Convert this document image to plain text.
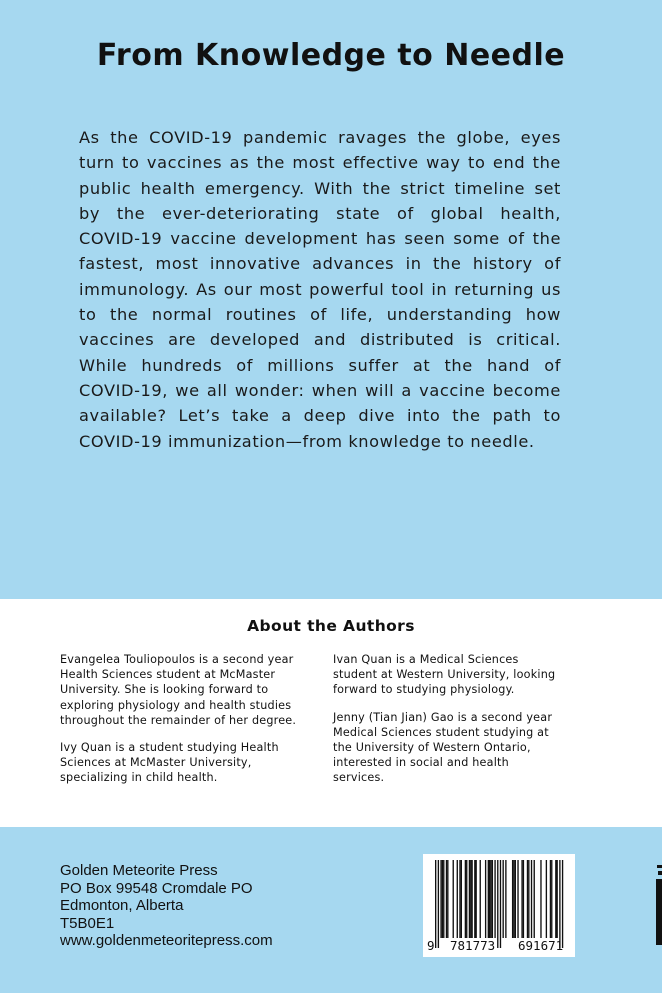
From Knowledge to Needle
As the COVID-19 pandemic ravages the globe, eyes turn to vaccines as the most effective way to end the public health emergency. With the strict timeline set by the ever-deteriorating state of global health, COVID-19 vaccine development has seen some of the fastest, most innovative advances in the history of immunology. As our most powerful tool in returning us to the normal routines of life, understanding how vaccines are developed and distributed is critical. While hundreds of millions suffer at the hand of COVID-19, we all wonder: when will a vaccine become available? Let’s take a deep dive into the path to COVID-19 immunization—from knowledge to needle.
About the Authors

Evangelea Touliopoulos is a second year Health Sciences student at McMaster University. She is looking forward to exploring physiology and health studies throughout the remainder of her degree.

Ivy Quan is a student studying Health Sciences at McMaster University, specializing in child health.

Ivan Quan is a Medical Sciences student at Western University, looking forward to studying physiology.

Jenny (Tian Jian) Gao is a second year Medical Sciences student studying at the University of Western Ontario, interested in social and health services.

Golden Meteorite Press
PO Box 99548 Cromdale PO
Edmonton, Alberta
T5B0E1
www.goldenmeteoritepress.com	9 781773 691671
